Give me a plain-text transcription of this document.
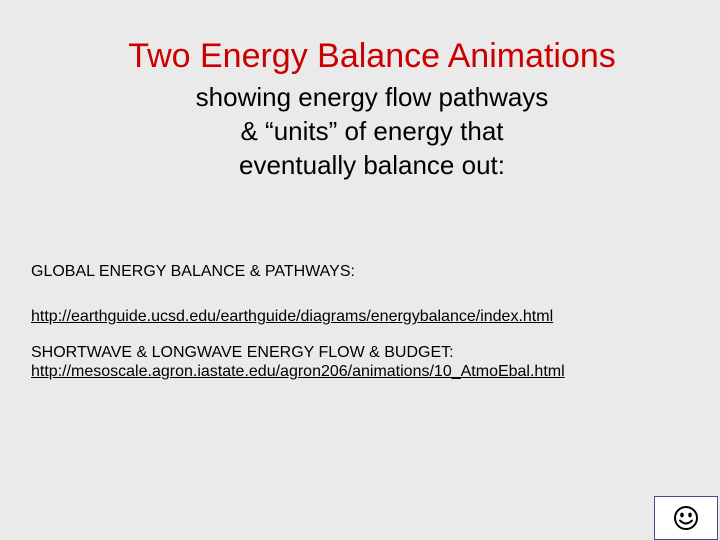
Two Energy Balance Animations
showing energy flow pathways
& “units” of energy that
eventually balance out:
GLOBAL ENERGY BALANCE & PATHWAYS:
http://earthguide.ucsd.edu/earthguide/diagrams/energybalance/index.html
SHORTWAVE & LONGWAVE ENERGY FLOW & BUDGET:
http://mesoscale.agron.iastate.edu/agron206/animations/10_AtmoEbal.html
